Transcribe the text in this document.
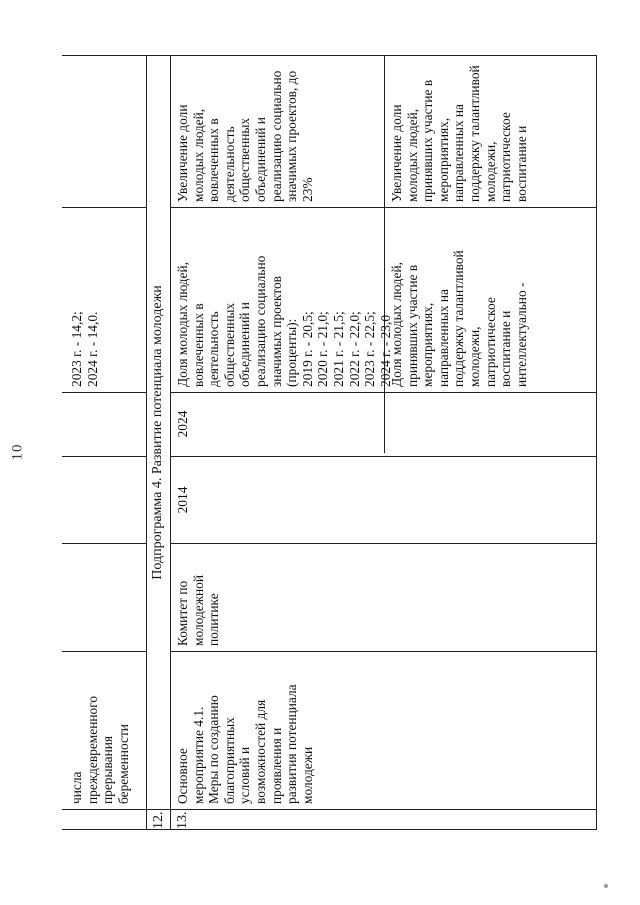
10
числа
преждевременного
прерывания
беременности
2023 г. - 14,2;
2024 г. - 14,0.
12.
Подпрограмма 4. Развитие потенциала молодежи
13.
Основное
мероприятие 4.1.
Меры по созданию
благоприятных
условий и
возможностей для
проявления и
развития потенциала
молодежи
Комитет по
молодежной
политике
2014
2024
Доля молодых людей,
вовлеченных в
деятельность
общественных
объединений и
реализацию социально
значимых проектов
(проценты):
2019 г. - 20,5;
2020 г. - 21,0;
2021 г. - 21,5;
2022 г. - 22,0;
2023 г. - 22,5;
2024 г. - 23,0
Увеличение доли
молодых людей,
вовлеченных в
деятельность
общественных
объединений и
реализацию социально
значимых проектов, до
23%
Доля молодых людей,
принявших участие в
мероприятиях,
направленных на
поддержку талантливой
молодежи,
патриотическое
воспитание и
интеллектуально -
Увеличение доли
молодых людей,
принявших участие в
мероприятиях,
направленных на
поддержку талантливой
молодежи,
патриотическое
воспитание и
